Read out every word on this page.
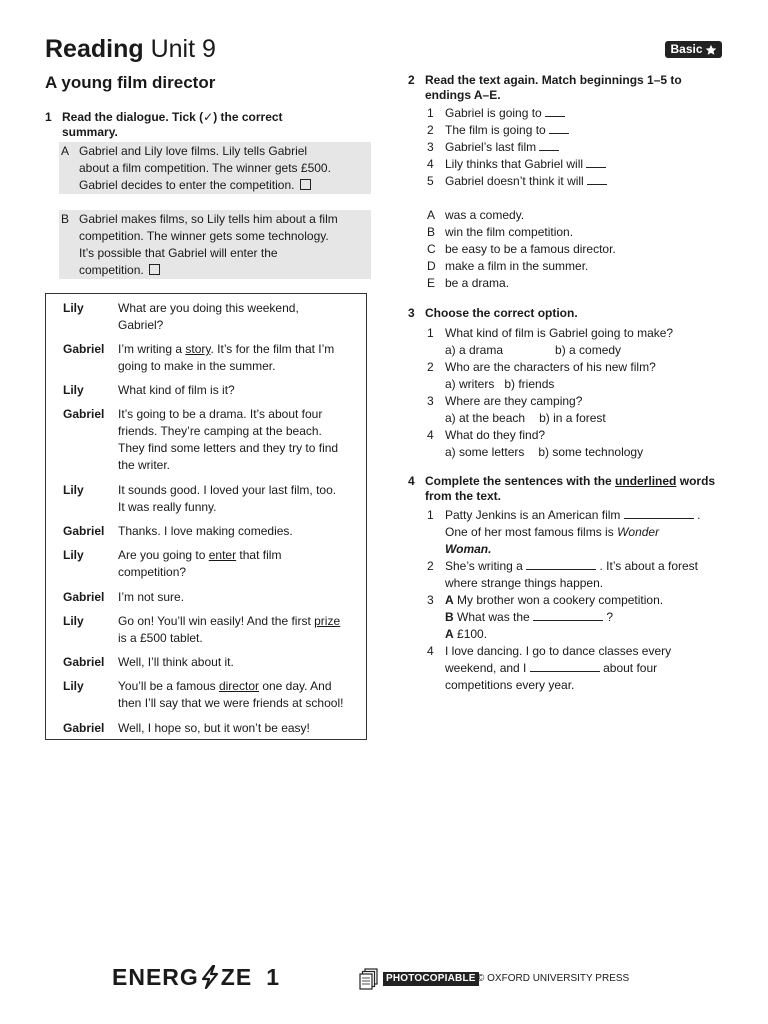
Reading Unit 9	Basic
A young film director
1 Read the dialogue. Tick (✓) the correct summary.
A Gabriel and Lily love films. Lily tells Gabriel
about a film competition. The winner gets £500.
Gabriel decides to enter the competition.
B Gabriel makes films, so Lily tells him about a film
competition. The winner gets some technology.
It’s possible that Gabriel will enter the
competition.
Lily	What are you doing this weekend,
Gabriel?
Gabriel	I’m writing a story. It’s for the film that I’m
going to make in the summer.
Lily	What kind of film is it?
Gabriel	It’s going to be a drama. It’s about four
friends. They’re camping at the beach.
They find some letters and they try to find
the writer.
Lily	It sounds good. I loved your last film, too.
It was really funny.
Gabriel	Thanks. I love making comedies.
Lily	Are you going to enter that film
competition?
Gabriel	I’m not sure.
Lily	Go on! You’ll win easily! And the first prize
is a £500 tablet.
Gabriel	Well, I’ll think about it.
Lily	You’ll be a famous director one day. And
then I’ll say that we were friends at school!
Gabriel	Well, I hope so, but it won’t be easy!
2 Read the text again. Match beginnings 1–5 to endings A–E.
1 Gabriel is going to
2 The film is going to
3 Gabriel’s last film
4 Lily thinks that Gabriel will
5 Gabriel doesn’t think it will
A was a comedy.
B win the film competition.
C be easy to be a famous director.
D make a film in the summer.
E be a drama.
3 Choose the correct option.
1 What kind of film is Gabriel going to make?
a) a drama	b) a comedy
2 Who are the characters of his new film?
a) writers b) friends
3 Where are they camping?
a) at the beach b) in a forest
4 What do they find?
a) some letters b) some technology
4 Complete the sentences with the underlined words from the text.
1 Patty Jenkins is an American film	.
One of her most famous films is Wonder
Woman.
2 She’s writing a	. It’s about a forest
where strange things happen.
3 A My brother won a cookery competition.
B What was the	?
A £100.
4 I love dancing. I go to dance classes every
weekend, and I	about four
competitions every year.
ENERG ZE 1	PHOTOCOPIABLE © OXFORD UNIVERSITY PRESS
